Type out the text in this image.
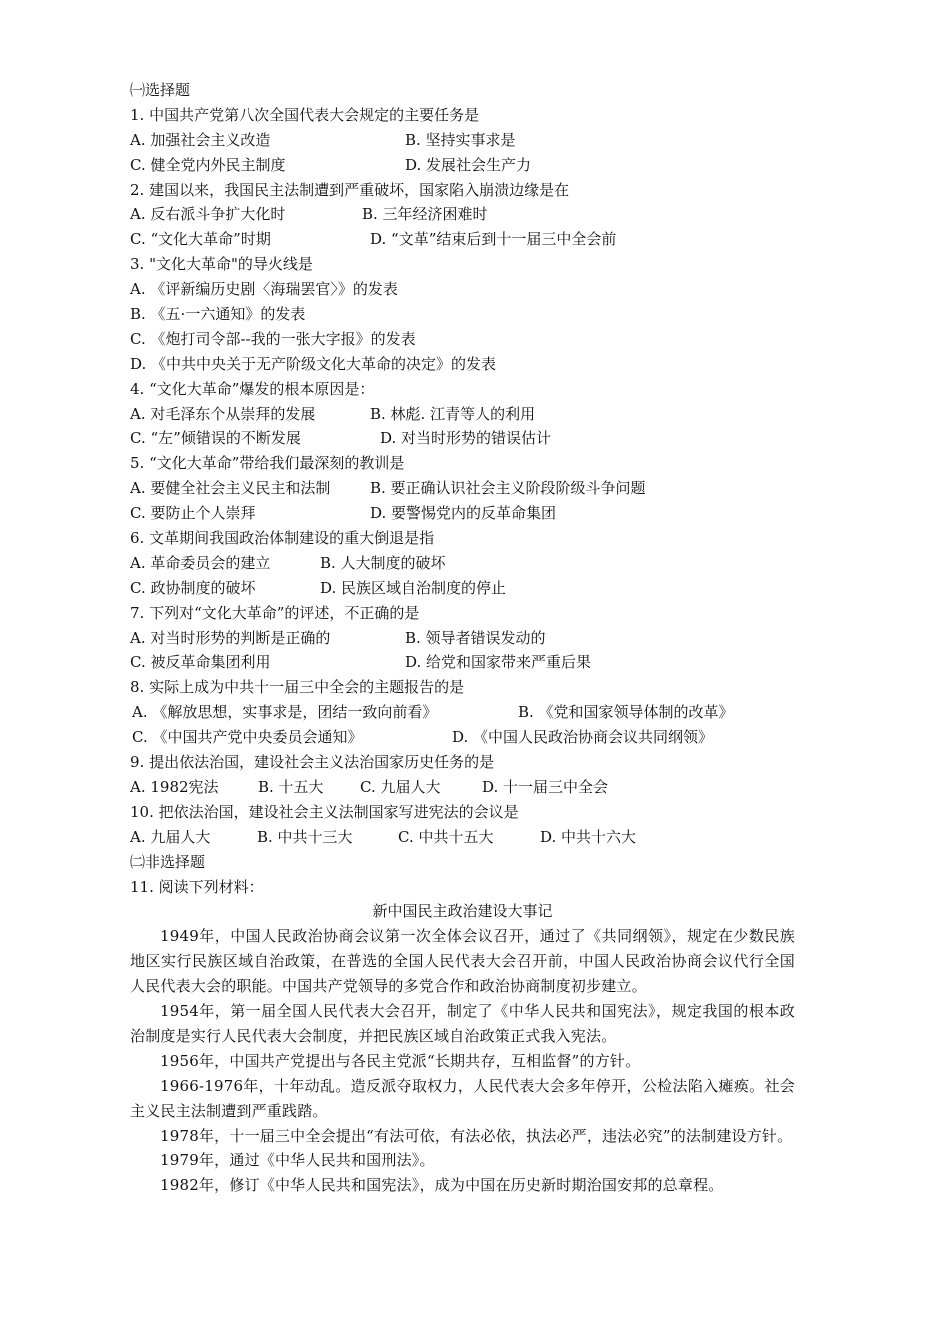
㈠选择题
1. 中国共产党第八次全国代表大会规定的主要任务是
A. 加强社会主义改造	B. 坚持实事求是
C. 健全党内外民主制度	D. 发展社会生产力
2. 建国以来，我国民主法制遭到严重破坏，国家陷入崩溃边缘是在
A. 反右派斗争扩大化时	B. 三年经济困难时
C. “文化大革命”时期	D. “文革”结束后到十一届三中全会前
3. "文化大革命"的导火线是
A. 《评新编历史剧〈海瑞罢官〉》的发表
B. 《五·一六通知》的发表
C. 《炮打司令部--我的一张大字报》的发表
D. 《中共中央关于无产阶级文化大革命的决定》的发表
4. “文化大革命”爆发的根本原因是：
A. 对毛泽东个从崇拜的发展	B. 林彪. 江青等人的利用
C. “左”倾错误的不断发展	D. 对当时形势的错误估计
5. “文化大革命”带给我们最深刻的教训是
A. 要健全社会主义民主和法制	B. 要正确认识社会主义阶段阶级斗争问题
C. 要防止个人崇拜	D. 要警惕党内的反革命集团
6. 文革期间我国政治体制建设的重大倒退是指
A. 革命委员会的建立	B. 人大制度的破坏
C. 政协制度的破坏	D. 民族区域自治制度的停止
7. 下列对“文化大革命”的评述，不正确的是
A. 对当时形势的判断是正确的	B. 领导者错误发动的
C. 被反革命集团利用	D. 给党和国家带来严重后果
8. 实际上成为中共十一届三中全会的主题报告的是
A. 《解放思想，实事求是，团结一致向前看》	B. 《党和国家领导体制的改革》
C. 《中国共产党中央委员会通知》	D. 《中国人民政治协商会议共同纲领》
9. 提出依法治国，建设社会主义法治国家历史任务的是
A. 1982宪法	B. 十五大 C. 九届人大	D. 十一届三中全会
10. 把依法治国，建设社会主义法制国家写进宪法的会议是
A. 九届人大	B. 中共十三大	C. 中共十五大	D. 中共十六大
㈡非选择题
11. 阅读下列材料：
新中国民主政治建设大事记

1949年，中国人民政治协商会议第一次全体会议召开，通过了《共同纲领》，规定在少数民族地区实行民族区域自治政策，在普选的全国人民代表大会召开前，中国人民政治协商会议代行全国人民代表大会的职能。中国共产党领导的多党合作和政治协商制度初步建立。

1954年，第一届全国人民代表大会召开，制定了《中华人民共和国宪法》，规定我国的根本政治制度是实行人民代表大会制度，并把民族区域自治政策正式我入宪法。

1956年，中国共产党提出与各民主党派“长期共存，互相监督”的方针。

1966-1976年，十年动乱。造反派夺取权力，人民代表大会多年停开，公检法陷入瘫痪。社会主义民主法制遭到严重践踏。

1978年，十一届三中全会提出“有法可依，有法必依，执法必严，违法必究”的法制建设方针。

1979年，通过《中华人民共和国刑法》。

1982年，修订《中华人民共和国宪法》，成为中国在历史新时期治国安邦的总章程。
